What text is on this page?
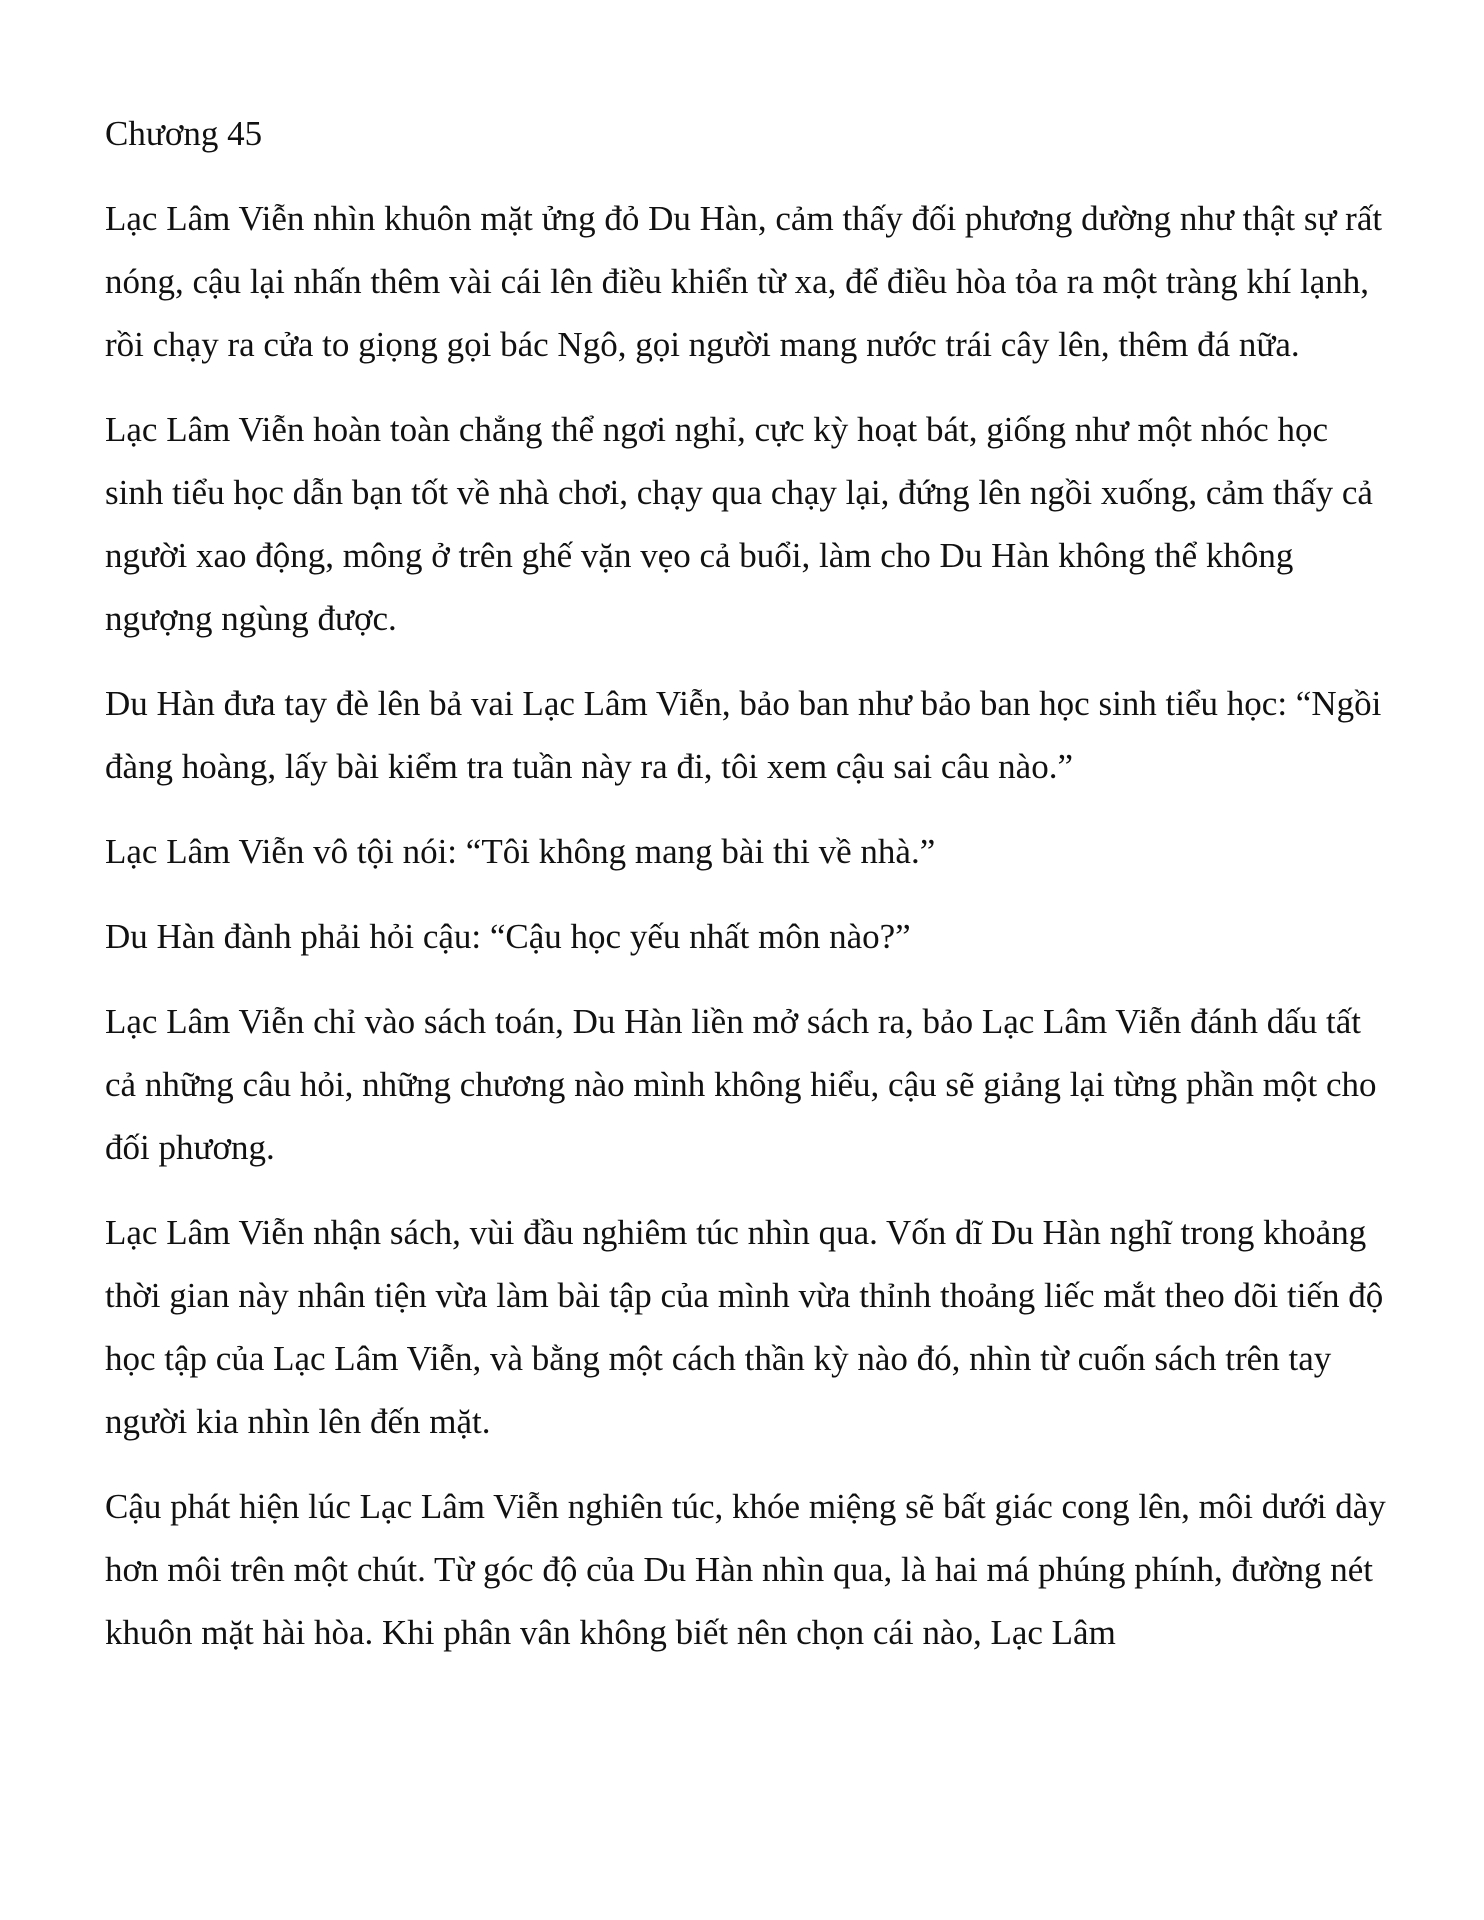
Chương 45

Lạc Lâm Viễn nhìn khuôn mặt ửng đỏ Du Hàn, cảm thấy đối phương dường như thật sự rất nóng, cậu lại nhấn thêm vài cái lên điều khiển từ xa, để điều hòa tỏa ra một tràng khí lạnh, rồi chạy ra cửa to giọng gọi bác Ngô, gọi người mang nước trái cây lên, thêm đá nữa.

Lạc Lâm Viễn hoàn toàn chẳng thể ngơi nghỉ, cực kỳ hoạt bát, giống như một nhóc học sinh tiểu học dẫn bạn tốt về nhà chơi, chạy qua chạy lại, đứng lên ngồi xuống, cảm thấy cả người xao động, mông ở trên ghế vặn vẹo cả buổi, làm cho Du Hàn không thể không ngượng ngùng được.

Du Hàn đưa tay đè lên bả vai Lạc Lâm Viễn, bảo ban như bảo ban học sinh tiểu học: “Ngồi đàng hoàng, lấy bài kiểm tra tuần này ra đi, tôi xem cậu sai câu nào.”

Lạc Lâm Viễn vô tội nói: “Tôi không mang bài thi về nhà.”

Du Hàn đành phải hỏi cậu: “Cậu học yếu nhất môn nào?”

Lạc Lâm Viễn chỉ vào sách toán, Du Hàn liền mở sách ra, bảo Lạc Lâm Viễn đánh dấu tất cả những câu hỏi, những chương nào mình không hiểu, cậu sẽ giảng lại từng phần một cho đối phương.

Lạc Lâm Viễn nhận sách, vùi đầu nghiêm túc nhìn qua. Vốn dĩ Du Hàn nghĩ trong khoảng thời gian này nhân tiện vừa làm bài tập của mình vừa thỉnh thoảng liếc mắt theo dõi tiến độ học tập của Lạc Lâm Viễn, và bằng một cách thần kỳ nào đó, nhìn từ cuốn sách trên tay người kia nhìn lên đến mặt.

Cậu phát hiện lúc Lạc Lâm Viễn nghiên túc, khóe miệng sẽ bất giác cong lên, môi dưới dày hơn môi trên một chút. Từ góc độ của Du Hàn nhìn qua, là hai má phúng phính, đường nét khuôn mặt hài hòa. Khi phân vân không biết nên chọn cái nào, Lạc Lâm
